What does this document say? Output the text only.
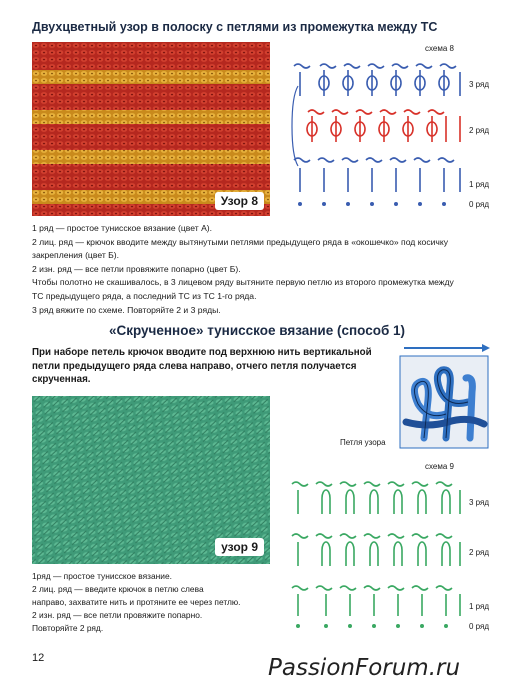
Двухцветный узор в полоску с петлями из промежутка между ТС
Узор 8
схема 8
3 ряд
2 ряд
1 ряд
0 ряд
1 ряд — простое тунисское вязание (цвет А).
2 лиц. ряд — крючок вводите между вытянутыми петлями предыдущего ряда в «окошечко» под косичку
закрепления (цвет Б).
2 изн. ряд — все петли провяжите попарно (цвет Б).
Чтобы полотно не скашивалось, в 3 лицевом ряду вытяните первую петлю из второго промежутка между
ТС предыдущего ряда, а последний ТС из ТС 1-го ряда.
3 ряд вяжите по схеме. Повторяйте 2 и 3 ряды.
«Скрученное» тунисское вязание (способ 1)
При наборе петель крючок вводите под верхнюю нить вертикальной
петли предыдущего ряда слева направо, отчего петля получается
скрученная.
Петля узора
узор 9
схема 9
3 ряд
2 ряд
1 ряд
0 ряд
1ряд — простое тунисское вязание.
2 лиц. ряд — введите крючок в петлю слева
направо, захватите нить и протяните ее через петлю.
2 изн. ряд — все петли провяжите попарно.
Повторяйте 2 ряд.
12	PassionForum.ru
